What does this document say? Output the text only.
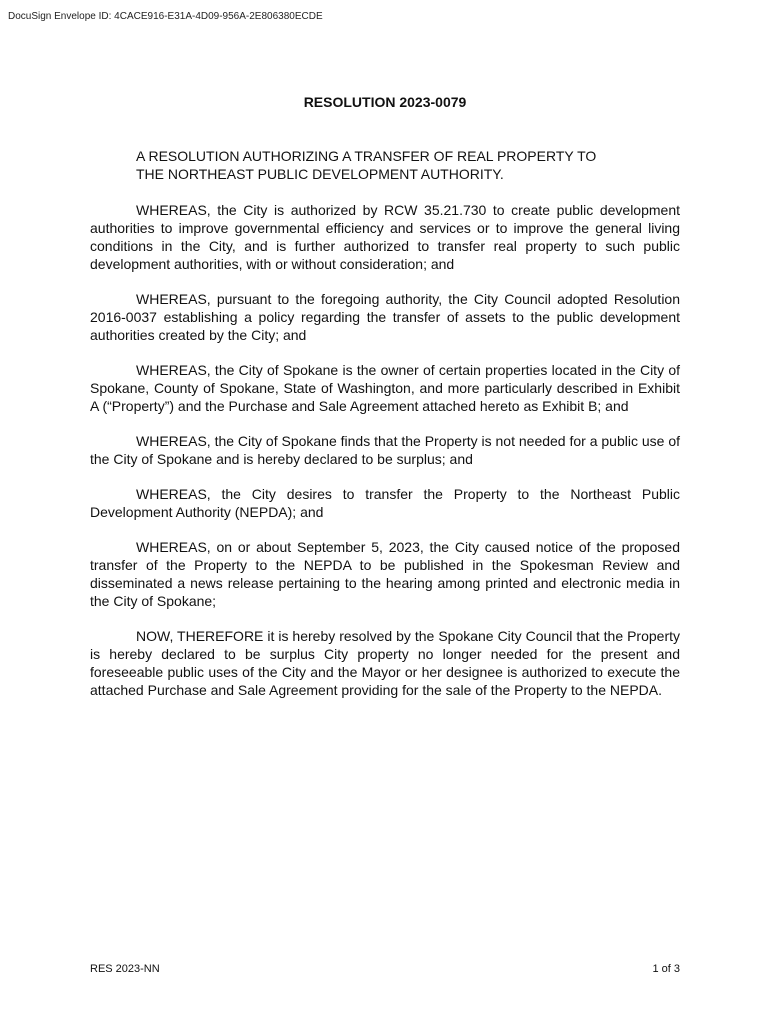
DocuSign Envelope ID: 4CACE916-E31A-4D09-956A-2E806380ECDE
RESOLUTION 2023-0079
A RESOLUTION AUTHORIZING A TRANSFER OF REAL PROPERTY TO
THE NORTHEAST PUBLIC DEVELOPMENT AUTHORITY.

WHEREAS, the City is authorized by RCW 35.21.730 to create public development authorities to improve governmental efficiency and services or to improve the general living conditions in the City, and is further authorized to transfer real property to such public development authorities, with or without consideration; and

WHEREAS, pursuant to the foregoing authority, the City Council adopted Resolution 2016-0037 establishing a policy regarding the transfer of assets to the public development authorities created by the City; and

WHEREAS, the City of Spokane is the owner of certain properties located in the City of Spokane, County of Spokane, State of Washington, and more particularly described in Exhibit A (“Property”) and the Purchase and Sale Agreement attached hereto as Exhibit B; and

WHEREAS, the City of Spokane finds that the Property is not needed for a public use of the City of Spokane and is hereby declared to be surplus; and

WHEREAS, the City desires to transfer the Property to the Northeast Public Development Authority (NEPDA); and

WHEREAS, on or about September 5, 2023, the City caused notice of the proposed transfer of the Property to the NEPDA to be published in the Spokesman Review and disseminated a news release pertaining to the hearing among printed and electronic media in the City of Spokane;

NOW, THEREFORE it is hereby resolved by the Spokane City Council that the Property is hereby declared to be surplus City property no longer needed for the present and foreseeable public uses of the City and the Mayor or her designee is authorized to execute the attached Purchase and Sale Agreement providing for the sale of the Property to the NEPDA.

RES 2023-NN	1 of 3
